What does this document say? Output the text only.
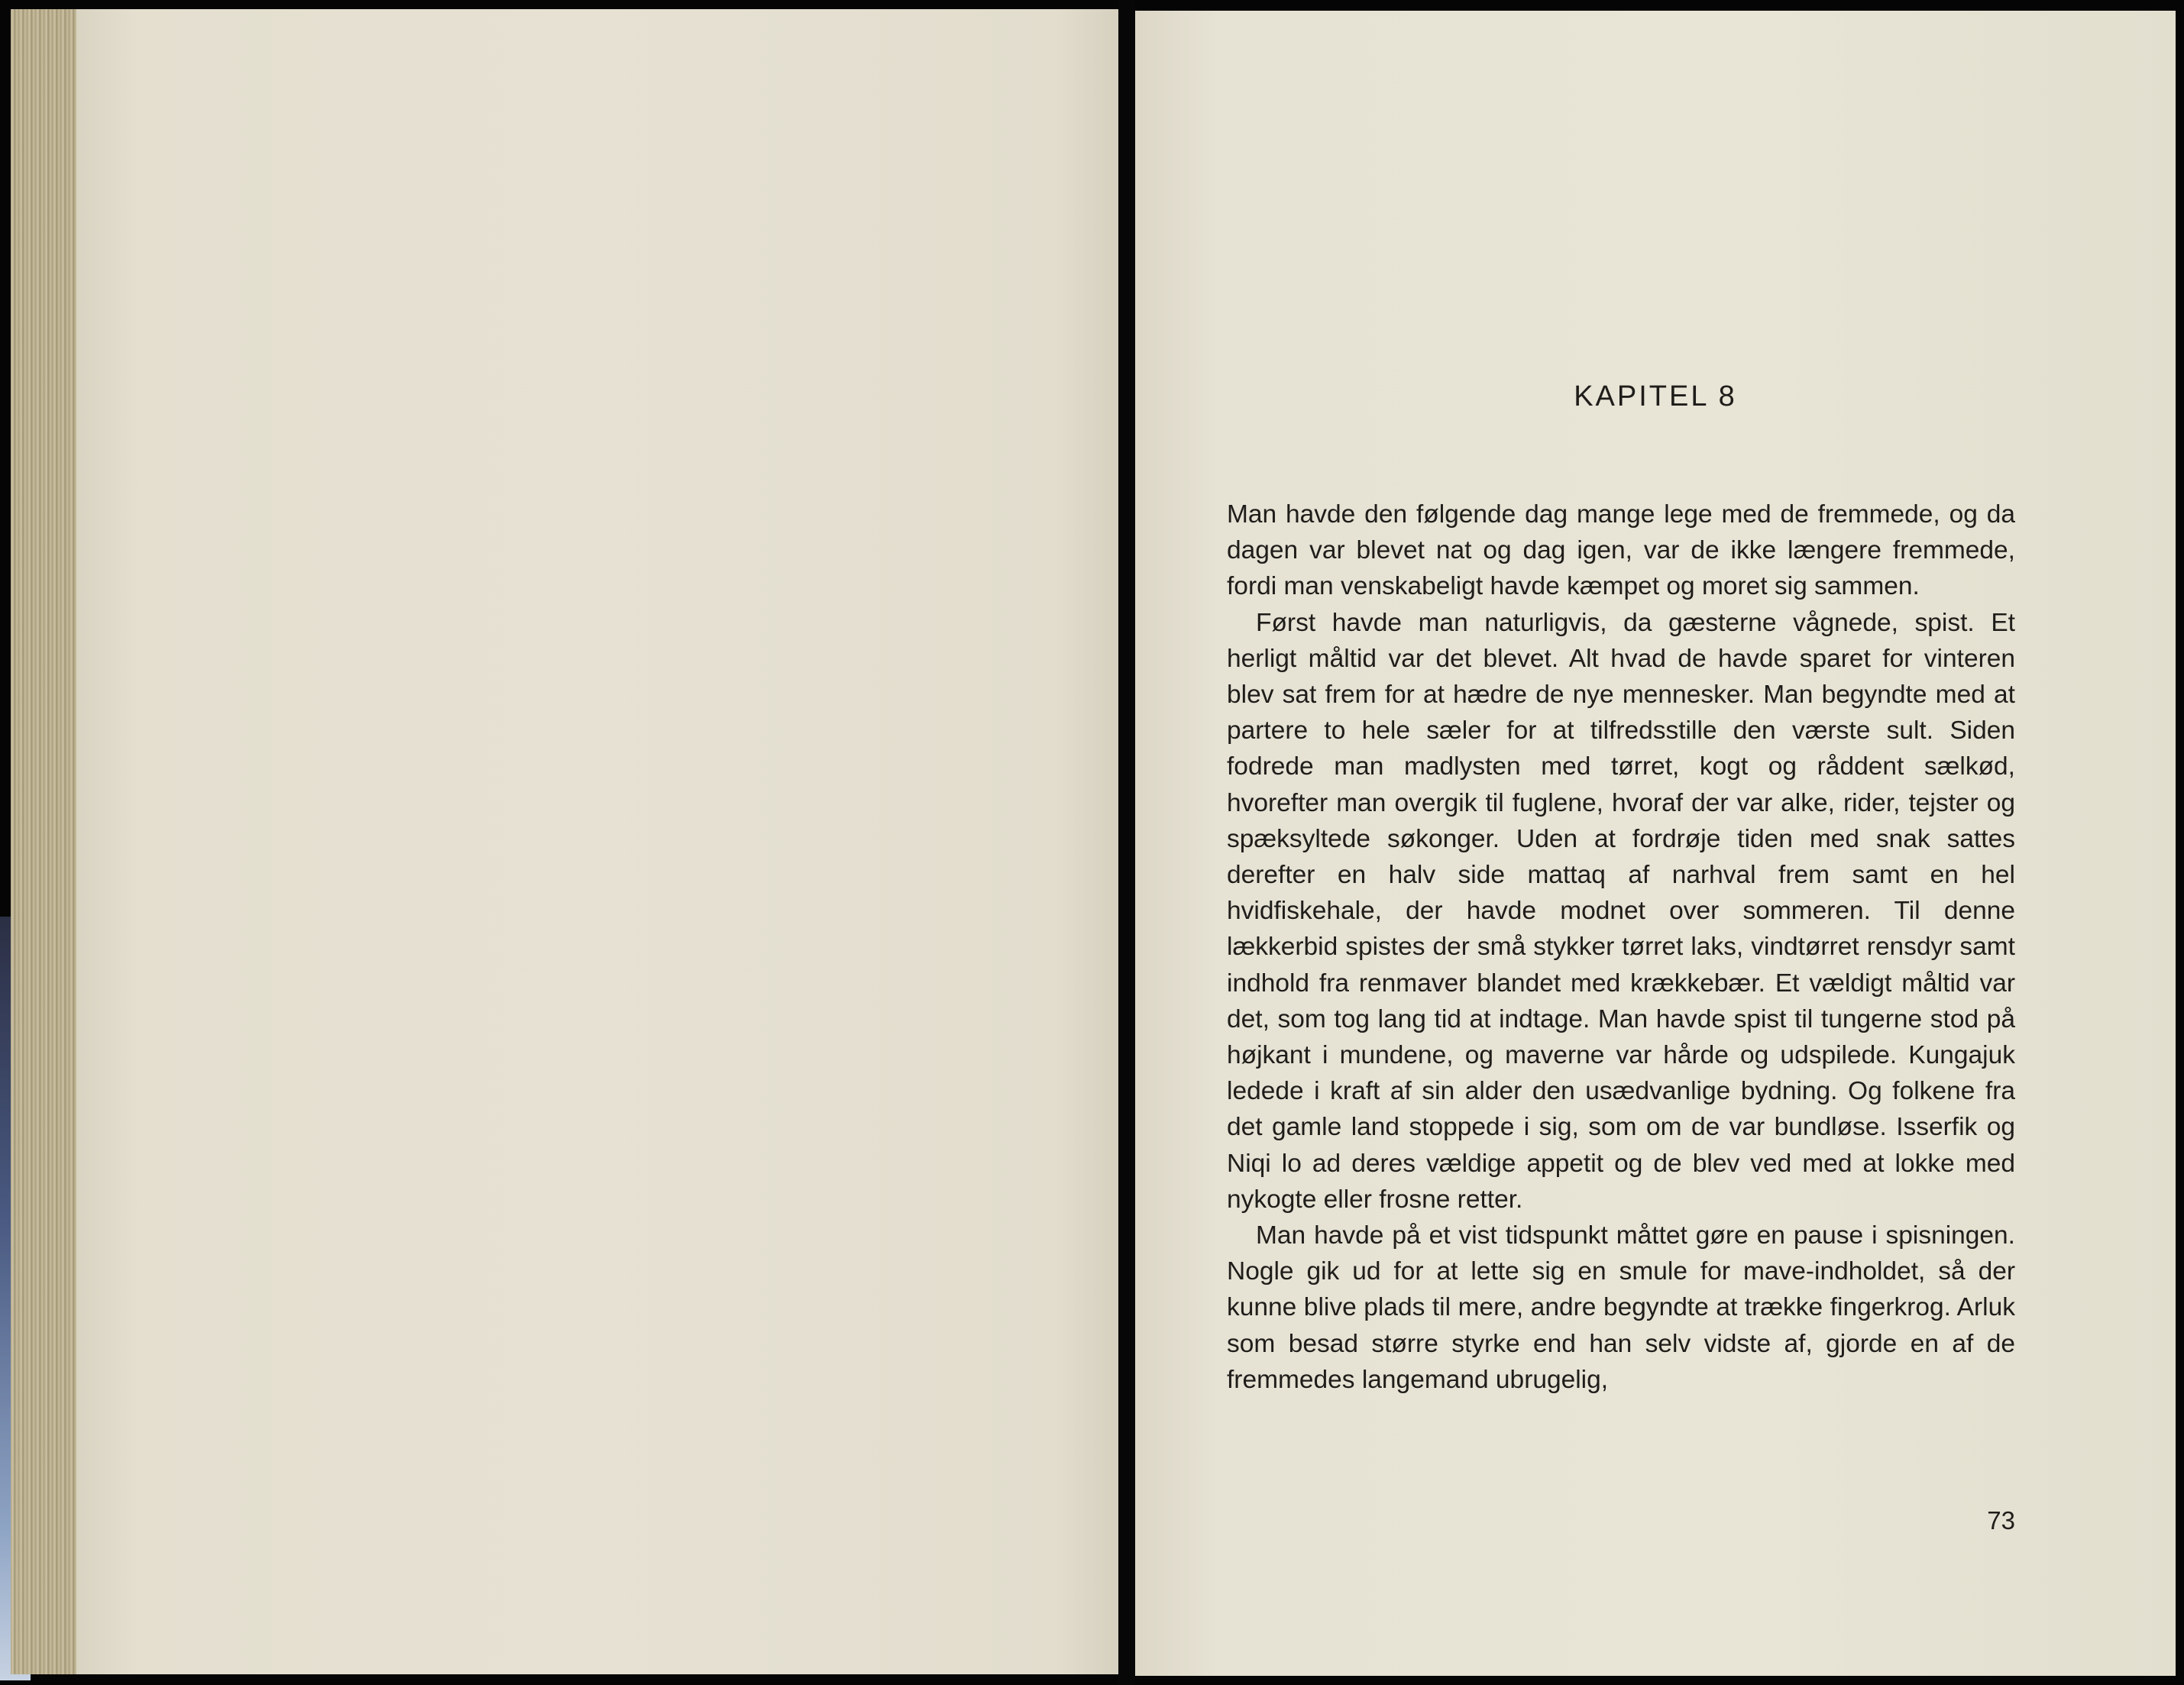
KAPITEL 8

Man havde den følgende dag mange lege med de fremmede, og da dagen var blevet nat og dag igen, var de ikke længere fremmede, fordi man venskabeligt havde kæmpet og moret sig sammen.

Først havde man naturligvis, da gæsterne vågnede, spist. Et herligt måltid var det blevet. Alt hvad de havde sparet for vinteren blev sat frem for at hædre de nye mennesker. Man begyndte med at partere to hele sæler for at tilfredsstille den værste sult. Siden fodrede man madlysten med tørret, kogt og råddent sælkød, hvorefter man overgik til fuglene, hvoraf der var alke, rider, tejster og spæksyltede søkonger. Uden at fordrøje tiden med snak sattes derefter en halv side mattaq af narhval frem samt en hel hvidfiskehale, der havde modnet over sommeren. Til denne lækkerbid spistes der små stykker tørret laks, vindtørret rensdyr samt indhold fra renmaver blandet med krækkebær. Et vældigt måltid var det, som tog lang tid at indtage. Man havde spist til tungerne stod på højkant i mundene, og maverne var hårde og udspilede. Kungajuk ledede i kraft af sin alder den usædvanlige bydning. Og folkene fra det gamle land stoppede i sig, som om de var bundløse. Isserfik og Niqi lo ad deres vældige appetit og de blev ved med at lokke med nykogte eller frosne retter.

Man havde på et vist tidspunkt måttet gøre en pause i spisningen. Nogle gik ud for at lette sig en smule for mave-indholdet, så der kunne blive plads til mere, andre begyndte at trække fingerkrog. Arluk som besad større styrke end han selv vidste af, gjorde en af de fremmedes langemand ubrugelig,

73
